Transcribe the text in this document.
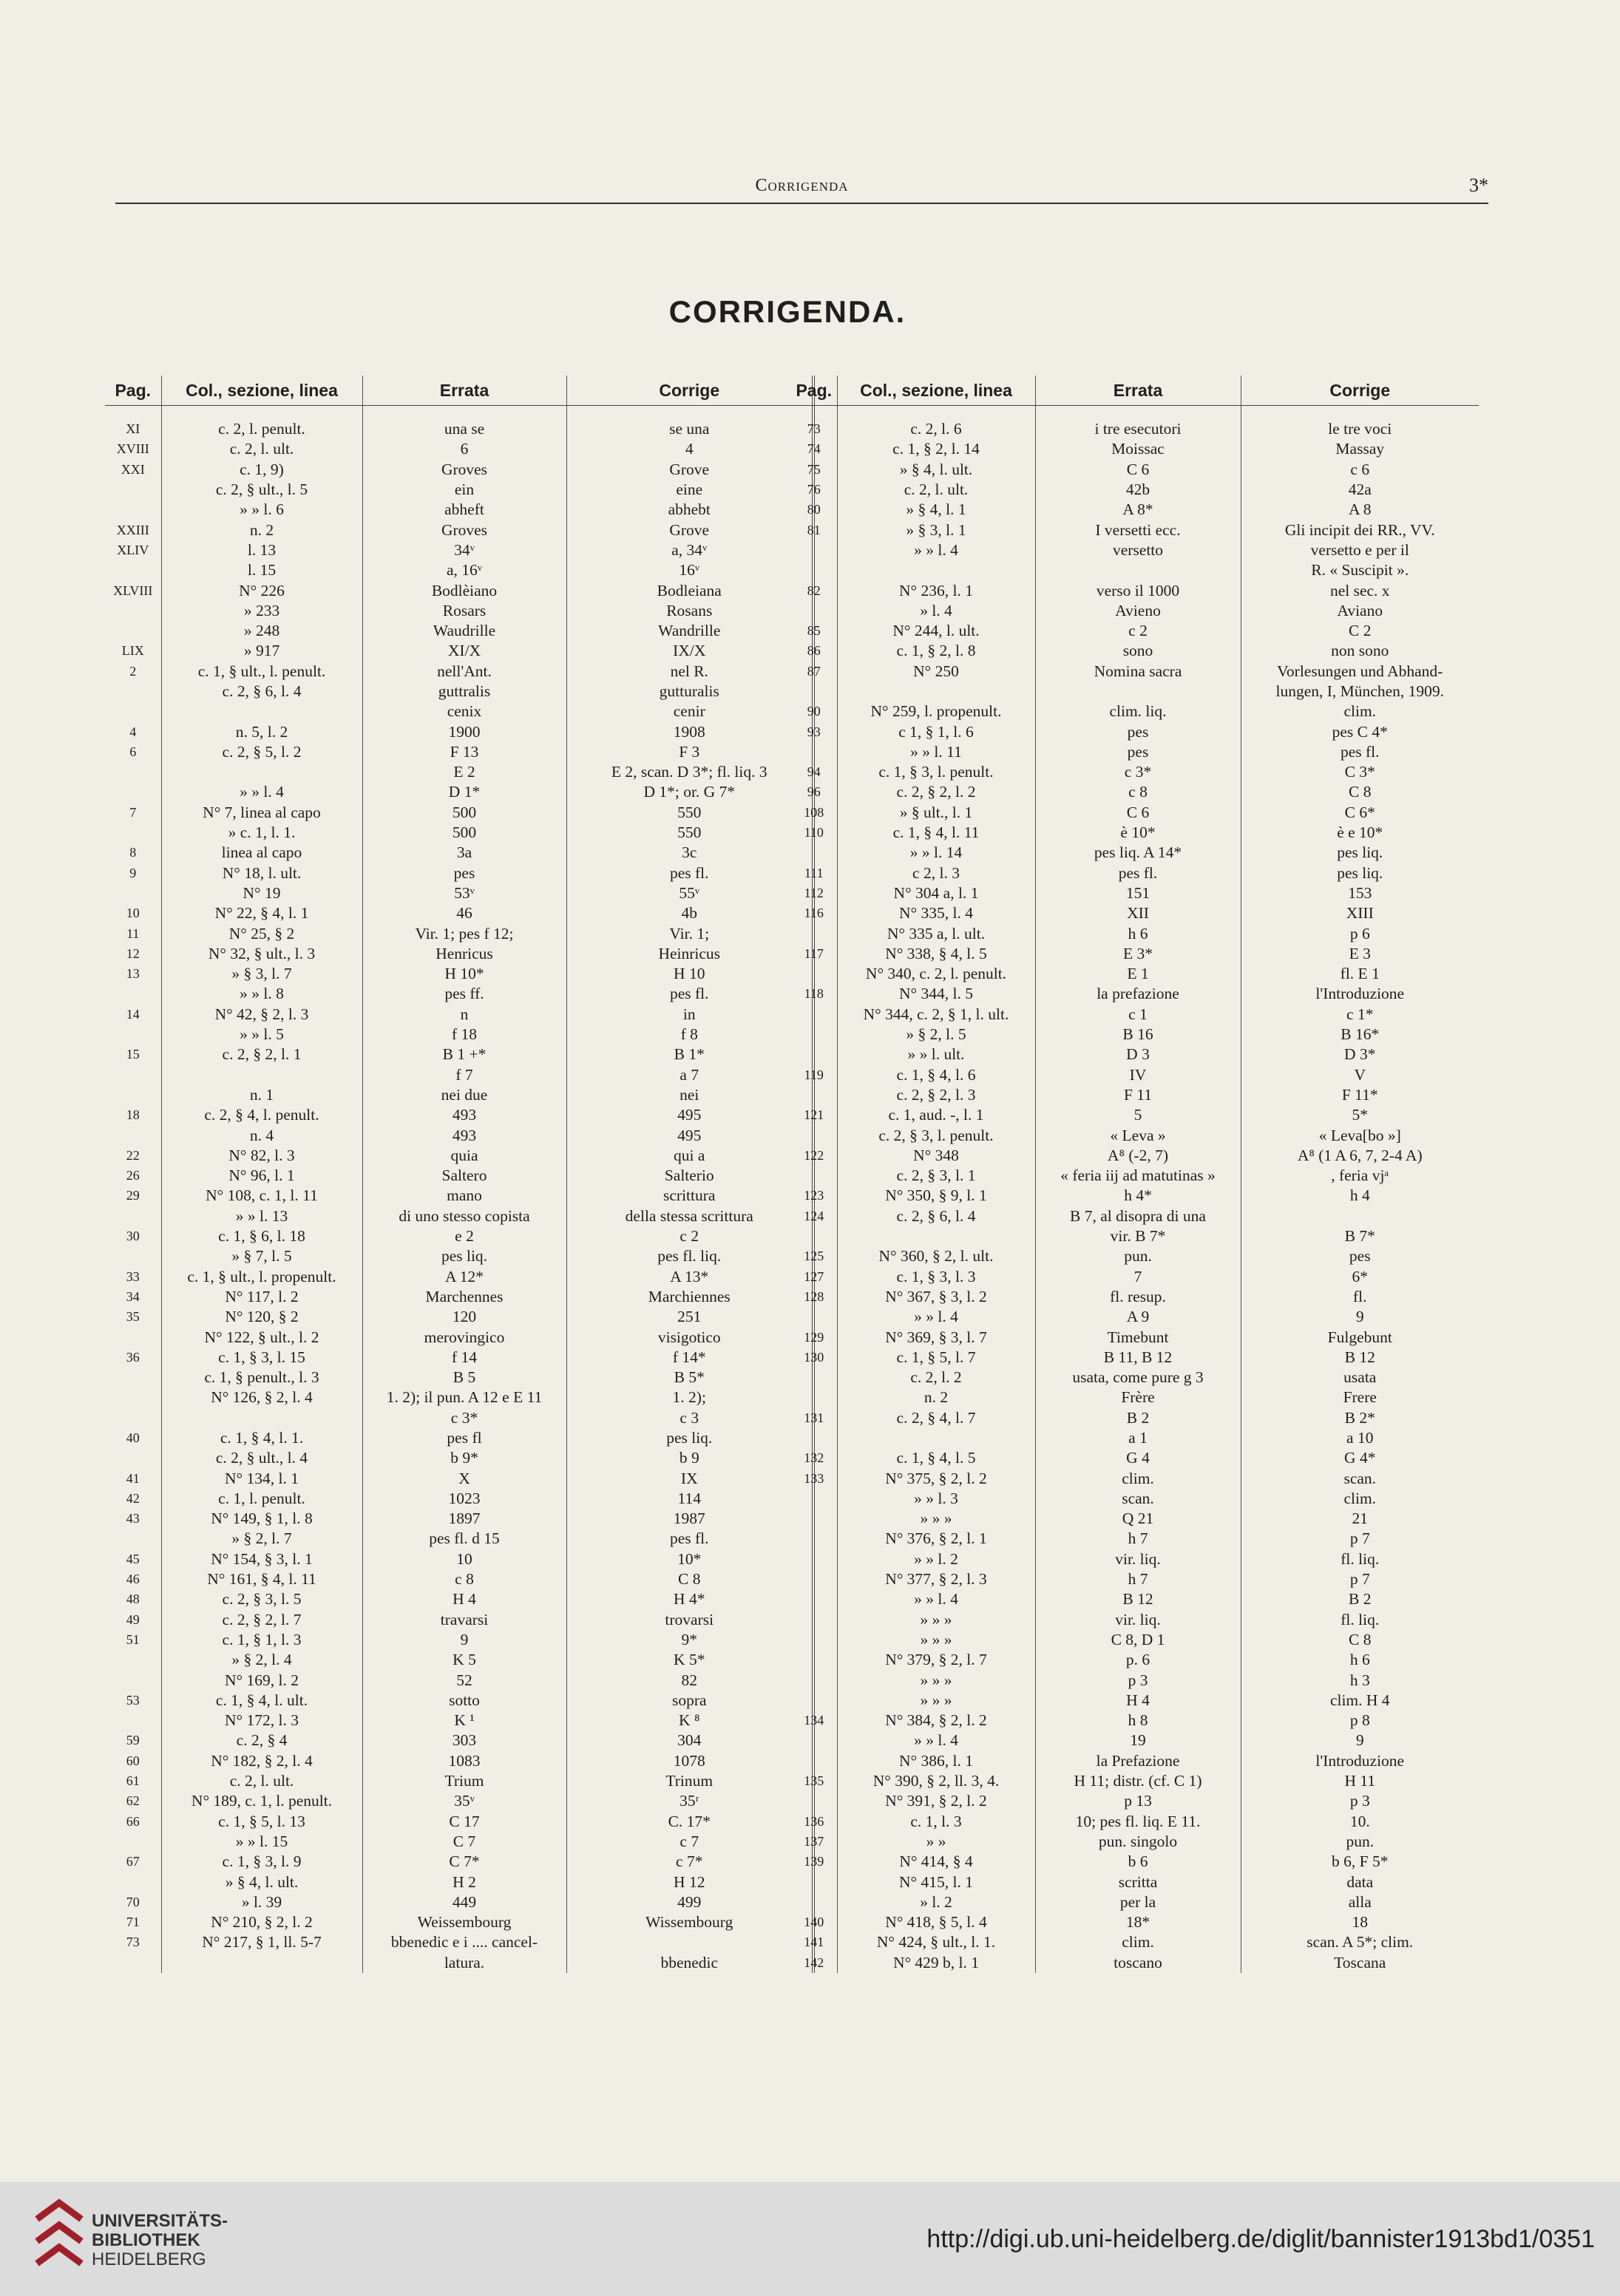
Corrigenda	3*
CORRIGENDA.
Pag.	Col., sezione, linea	Errata	Corrige
XI	c. 2, l. penult.	una se	se una
XVIII	c. 2, l. ult.	6	4
XXI	c. 1, 9)	Groves	Grove
	c. 2, § ult., l. 5	ein	eine
	» » l. 6	abheft	abhebt
XXIII	n. 2	Groves	Grove
XLIV	l. 13	34ᵛ	a, 34ᵛ
	l. 15	a, 16ᵛ	16ᵛ
XLVIII	N° 226	Bodlèiano	Bodleiana
	» 233	Rosars	Rosans
	» 248	Waudrille	Wandrille
LIX	» 917	XI/X	IX/X
2	c. 1, § ult., l. penult.	nell'Ant.	nel R.
	c. 2, § 6, l. 4	guttralis	gutturalis
		cenix	cenir
4	n. 5, l. 2	1900	1908
6	c. 2, § 5, l. 2	F 13	F 3
		E 2	E 2, scan. D 3*; fl. liq. 3
	» » l. 4	D 1*	D 1*; or. G 7*
7	N° 7, linea al capo	500	550
	» c. 1, l. 1.	500	550
8	linea al capo	3a	3c
9	N° 18, l. ult.	pes	pes fl.
	N° 19	53ᵛ	55ᵛ
10	N° 22, § 4, l. 1	46	4b
11	N° 25, § 2	Vir. 1; pes f 12;	Vir. 1;
12	N° 32, § ult., l. 3	Henricus	Heinricus
13	» § 3, l. 7	H 10*	H 10
	» » l. 8	pes ff.	pes fl.
14	N° 42, § 2, l. 3	n	in
	» » l. 5	f 18	f 8
15	c. 2, § 2, l. 1	B 1 +*	B 1*
		f 7	a 7
	n. 1	nei due	nei
18	c. 2, § 4, l. penult.	493	495
	n. 4	493	495
22	N° 82, l. 3	quia	qui a
26	N° 96, l. 1	Saltero	Salterio
29	N° 108, c. 1, l. 11	mano	scrittura
	» » l. 13	di uno stesso copista	della stessa scrittura
30	c. 1, § 6, l. 18	e 2	c 2
	» § 7, l. 5	pes liq.	pes fl. liq.
33	c. 1, § ult., l. propenult.	A 12*	A 13*
34	N° 117, l. 2	Marchennes	Marchiennes
35	N° 120, § 2	120	251
	N° 122, § ult., l. 2	merovingico	visigotico
36	c. 1, § 3, l. 15	f 14	f 14*
	c. 1, § penult., l. 3	B 5	B 5*
	N° 126, § 2, l. 4	1. 2); il pun. A 12 e E 11	1. 2);
		c 3*	c 3
40	c. 1, § 4, l. 1.	pes fl	pes liq.
	c. 2, § ult., l. 4	b 9*	b 9
41	N° 134, l. 1	X	IX
42	c. 1, l. penult.	1023	114
43	N° 149, § 1, l. 8	1897	1987
	» § 2, l. 7	pes fl. d 15	pes fl.
45	N° 154, § 3, l. 1	10	10*
46	N° 161, § 4, l. 11	c 8	C 8
48	c. 2, § 3, l. 5	H 4	H 4*
49	c. 2, § 2, l. 7	travarsi	trovarsi
51	c. 1, § 1, l. 3	9	9*
	» § 2, l. 4	K 5	K 5*
	N° 169, l. 2	52	82
53	c. 1, § 4, l. ult.	sotto	sopra
	N° 172, l. 3	K ¹	K ⁸
59	c. 2, § 4	303	304
60	N° 182, § 2, l. 4	1083	1078
61	c. 2, l. ult.	Trium	Trinum
62	N° 189, c. 1, l. penult.	35ᵛ	35ʳ
66	c. 1, § 5, l. 13	C 17	C. 17*
	» » l. 15	C 7	c 7
67	c. 1, § 3, l. 9	C 7*	c 7*
	» § 4, l. ult.	H 2	H 12
70	» l. 39	449	499
71	N° 210, § 2, l. 2	Weissembourg	Wissembourg
73	N° 217, § 1, ll. 5-7	bbenedic e i .... cancel-	
		latura.	bbenedic
Pag.	Col., sezione, linea	Errata	Corrige
73	c. 2, l. 6	i tre esecutori	le tre voci
74	c. 1, § 2, l. 14	Moissac	Massay
75	» § 4, l. ult.	C 6	c 6
76	c. 2, l. ult.	42b	42a
80	» § 4, l. 1	A 8*	A 8
81	» § 3, l. 1	I versetti ecc.	Gli incipit dei RR., VV.
	» » l. 4	versetto	versetto e per il
			R. « Suscipit ».
82	N° 236, l. 1	verso il 1000	nel sec. x
	» l. 4	Avieno	Aviano
85	N° 244, l. ult.	c 2	C 2
86	c. 1, § 2, l. 8	sono	non sono
87	N° 250	Nomina sacra	Vorlesungen und Abhand-
			lungen, I, München, 1909.
90	N° 259, l. propenult.	clim. liq.	clim.
93	c 1, § 1, l. 6	pes	pes C 4*
	» » l. 11	pes	pes fl.
94	c. 1, § 3, l. penult.	c 3*	C 3*
96	c. 2, § 2, l. 2	c 8	C 8
108	» § ult., l. 1	C 6	C 6*
110	c. 1, § 4, l. 11	è 10*	è e 10*
	» » l. 14	pes liq. A 14*	pes liq.
111	c 2, l. 3	pes fl.	pes liq.
112	N° 304 a, l. 1	151	153
116	N° 335, l. 4	XII	XIII
	N° 335 a, l. ult.	h 6	p 6
117	N° 338, § 4, l. 5	E 3*	E 3
	N° 340, c. 2, l. penult.	E 1	fl. E 1
118	N° 344, l. 5	la prefazione	l'Introduzione
	N° 344, c. 2, § 1, l. ult.	c 1	c 1*
	» § 2, l. 5	B 16	B 16*
	» » l. ult.	D 3	D 3*
119	c. 1, § 4, l. 6	IV	V
	c. 2, § 2, l. 3	F 11	F 11*
121	c. 1, aud. -, l. 1	5	5*
	c. 2, § 3, l. penult.	« Leva »	« Leva[bo »]
122	N° 348	A⁸ (-2, 7)	A⁸ (1 A 6, 7, 2-4 A)
	c. 2, § 3, l. 1	« feria iij ad matutinas »	, feria vjᵃ
123	N° 350, § 9, l. 1	h 4*	h 4
124	c. 2, § 6, l. 4	B 7, al disopra di una	
		vir. B 7*	B 7*
125	N° 360, § 2, l. ult.	pun.	pes
127	c. 1, § 3, l. 3	7	6*
128	N° 367, § 3, l. 2	fl. resup.	fl.
	» » l. 4	A 9	9
129	N° 369, § 3, l. 7	Timebunt	Fulgebunt
130	c. 1, § 5, l. 7	B 11, B 12	B 12
	c. 2, l. 2	usata, come pure g 3	usata
	n. 2	Frère	Frere
131	c. 2, § 4, l. 7	B 2	B 2*
		a 1	a 10
132	c. 1, § 4, l. 5	G 4	G 4*
133	N° 375, § 2, l. 2	clim.	scan.
	» » l. 3	scan.	clim.
	» » »	Q 21	21
	N° 376, § 2, l. 1	h 7	p 7
	» » l. 2	vir. liq.	fl. liq.
	N° 377, § 2, l. 3	h 7	p 7
	» » l. 4	B 12	B 2
	» » »	vir. liq.	fl. liq.
	» » »	C 8, D 1	C 8
	N° 379, § 2, l. 7	p. 6	h 6
	» » »	p 3	h 3
	» » »	H 4	clim. H 4
134	N° 384, § 2, l. 2	h 8	p 8
	» » l. 4	19	9
	N° 386, l. 1	la Prefazione	l'Introduzione
135	N° 390, § 2, ll. 3, 4.	H 11; distr. (cf. C 1)	H 11
	N° 391, § 2, l. 2	p 13	p 3
136	c. 1, l. 3	10; pes fl. liq. E 11.	10.
137	» »	pun. singolo	pun.
139	N° 414, § 4	b 6	b 6, F 5*
	N° 415, l. 1	scritta	data
	» l. 2	per la	alla
140	N° 418, § 5, l. 4	18*	18
141	N° 424, § ult., l. 1.	clim.	scan. A 5*; clim.
142	N° 429 b, l. 1	toscano	Toscana
UNIVERSITÄTS-
BIBLIOTHEK
HEIDELBERG
http://digi.ub.uni-heidelberg.de/diglit/bannister1913bd1/0351
